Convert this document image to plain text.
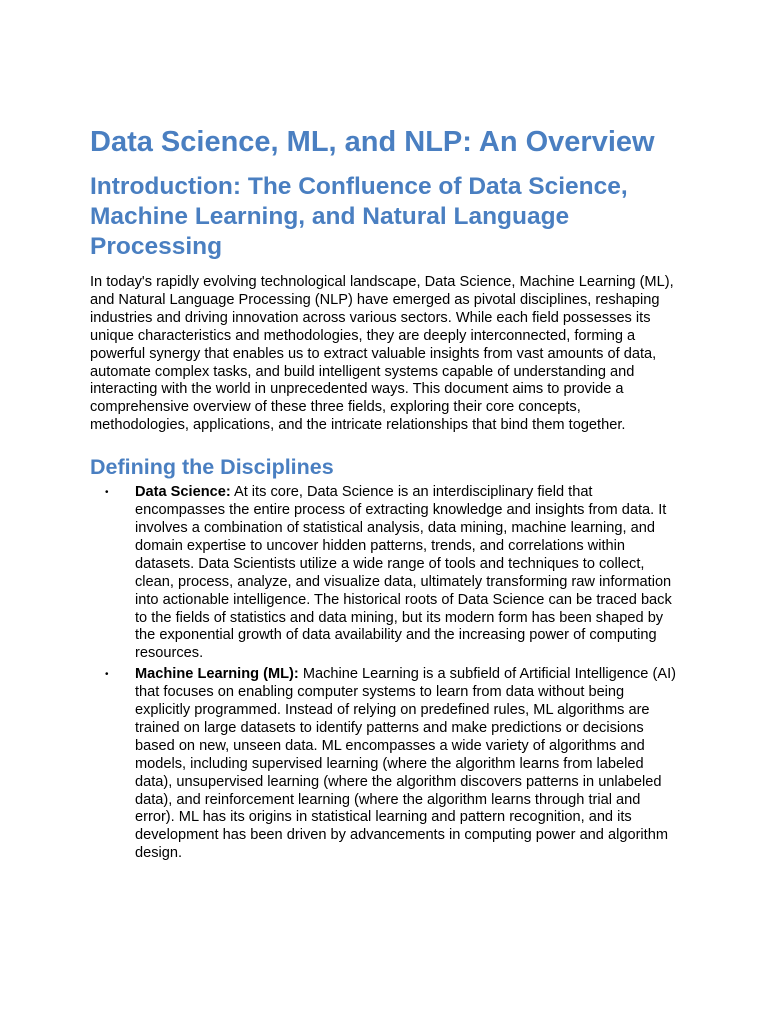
Data Science, ML, and NLP: An Overview
Introduction: The Confluence of Data Science, Machine Learning, and Natural Language Processing

In today's rapidly evolving technological landscape, Data Science, Machine Learning (ML), and Natural Language Processing (NLP) have emerged as pivotal disciplines, reshaping industries and driving innovation across various sectors. While each field possesses its unique characteristics and methodologies, they are deeply interconnected, forming a powerful synergy that enables us to extract valuable insights from vast amounts of data, automate complex tasks, and build intelligent systems capable of understanding and interacting with the world in unprecedented ways. This document aims to provide a comprehensive overview of these three fields, exploring their core concepts, methodologies, applications, and the intricate relationships that bind them together.

Defining the Disciplines
• Data Science: At its core, Data Science is an interdisciplinary field that encompasses the entire process of extracting knowledge and insights from data. It involves a combination of statistical analysis, data mining, machine learning, and domain expertise to uncover hidden patterns, trends, and correlations within datasets. Data Scientists utilize a wide range of tools and techniques to collect, clean, process, analyze, and visualize data, ultimately transforming raw information into actionable intelligence. The historical roots of Data Science can be traced back to the fields of statistics and data mining, but its modern form has been shaped by the exponential growth of data availability and the increasing power of computing resources.
• Machine Learning (ML): Machine Learning is a subfield of Artificial Intelligence (AI) that focuses on enabling computer systems to learn from data without being explicitly programmed. Instead of relying on predefined rules, ML algorithms are trained on large datasets to identify patterns and make predictions or decisions based on new, unseen data. ML encompasses a wide variety of algorithms and models, including supervised learning (where the algorithm learns from labeled data), unsupervised learning (where the algorithm discovers patterns in unlabeled data), and reinforcement learning (where the algorithm learns through trial and error). ML has its origins in statistical learning and pattern recognition, and its development has been driven by advancements in computing power and algorithm design.
